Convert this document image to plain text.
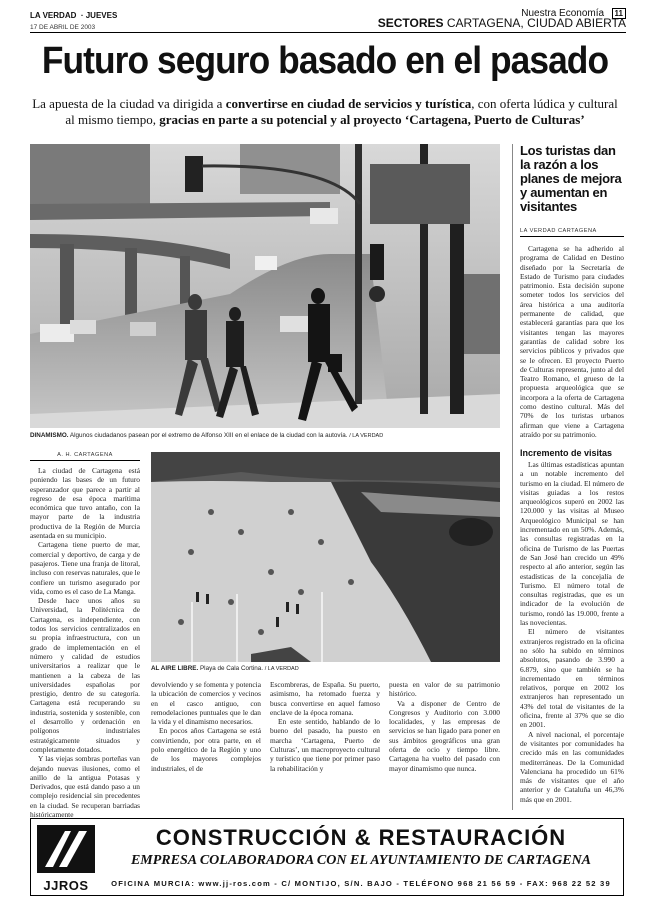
LA VERDAD · JUEVES
17 DE ABRIL DE 2003
Nuestra Economía 11
SECTORES CARTAGENA, CIUDAD ABIERTA
Futuro seguro basado en el pasado
La apuesta de la ciudad va dirigida a convertirse en ciudad de servicios y turística, con oferta lúdica y cultural al mismo tiempo, gracias en parte a su potencial y al proyecto ‘Cartagena, Puerto de Culturas’
DINAMISMO. Algunos ciudadanos pasean por el extremo de Alfonso XIII en el enlace de la ciudad con la autovía. / LA VERDAD
Los turistas dan la razón a los planes de mejora y aumentan en visitantes
LA VERDAD CARTAGENA

Cartagena se ha adherido al programa de Calidad en Destino diseñado por la Secretaría de Estado de Turismo para ciudades patrimonio. Esta decisión supone someter todos los servicios del área histórica a una auditoría permanente de calidad, que establecerá garantías para que los visitantes tengan las mayores garantías de calidad sobre los servicios públicos y privados que se le ofrecen. El proyecto Puerto de Culturas representa, junto al del Teatro Romano, el grueso de la propuesta arqueológica que se incorpora a la oferta de Cartagena como destino cultural. Más del 70% de los turistas urbanos afirman que viene a Cartagena atraído por su patrimonio.

Incremento de visitas

Las últimas estadísticas apuntan a un notable incremento del turismo en la ciudad. El número de visitas guiadas a los restos arqueológicos superó en 2002 las 120.000 y las visitas al Museo Arqueológico Municipal se han incrementado en un 50%. Además, las consultas registradas en la oficina de Turismo de las Puertas de San José han crecido un 49% respecto al año anterior, según las estadísticas de la concejalía de Turismo. El número total de consultas registradas, que es un indicador de la evolución de turismo, rondó las 19.000, frente a las novecientas.

El número de visitantes extranjeros registrado en la oficina no sólo ha subido en términos absolutos, pasando de 3.990 a 6.879, sino que también se ha incrementado en términos relativos, porque en 2002 los extranjeros han representado un 43% del total de visitantes de la oficina, frente al 37% que se dio en 2001.

A nivel nacional, el porcentaje de visitantes por comunidades ha crecido más en las comunidades mediterráneas. De la Comunidad Valenciana ha procedido un 61% más de visitantes que el año anterior y de Cataluña un 46,3% más que en 2001.

A. H. CARTAGENA

La ciudad de Cartagena está poniendo las bases de un futuro esperanzador que parece a partir al regreso de esa época marítima económica que tuvo antaño, con la mayor parte de la industria productiva de la Región de Murcia asentada en su municipio.

Cartagena tiene puerto de mar, comercial y deportivo, de carga y de pasajeros. Tiene una franja de litoral, incluso con reservas naturales, que le confiere un turismo asegurado por vida, como es el caso de La Manga.

Desde hace unos años su Universidad, la Politécnica de Cartagena, es independiente, con todos los servicios centralizados en su propia infraestructura, con un grado de implementación en el número y calidad de estudios universitarios a realizar que le mantienen a la cabeza de las universidades españolas por prestigio, dentro de su categoría. Cartagena está recuperando su industria, sostenida y sostenible, con el desarrollo y ordenación en polígonos industriales estratégicamente situados y completamente dotados.

Y las viejas sombras porteñas van dejando nuevas ilusiones, como el anillo de la antigua Potasas y Derivados, que está dando paso a un complejo residencial sin precedentes en la ciudad. Se recuperan barriadas históricamente

AL AIRE LIBRE. Playa de Cala Cortina. / LA VERDAD

devolviendo y se fomenta y potencia la ubicación de comercios y vecinos en el casco antiguo, con remodelaciones puntuales que le dan la vida y el dinamismo necesarios.

En pocos años Cartagena se está convirtiendo, por otra parte, en el polo energético de la Región y uno de los mayores complejos industriales, el de

Escombreras, de España. Su puerto, asimismo, ha retomado fuerza y busca convertirse en aquel famoso enclave de la época romana.

En este sentido, hablando de lo bueno del pasado, ha puesto en marcha ‘Cartagena, Puerto de Culturas’, un macroproyecto cultural y turístico que tiene por primer paso la rehabilitación y

puesta en valor de su patrimonio histórico.

Va a disponer de Centro de Congresos y Auditorio con 3.000 localidades, y las empresas de servicios se han ligado para poner en sus ámbitos geográficos una gran oferta de ocio y tiempo libre. Cartagena ha vuelto del pasado con mayor dinamismo que nunca.

JJROS
CONSTRUCCIÓN & RESTAURACIÓN
EMPRESA COLABORADORA CON EL AYUNTAMIENTO DE CARTAGENA
OFICINA MURCIA: www.jj-ros.com - C/ MONTIJO, S/N. BAJO - TELÉFONO 968 21 56 59 - FAX: 968 22 52 39
